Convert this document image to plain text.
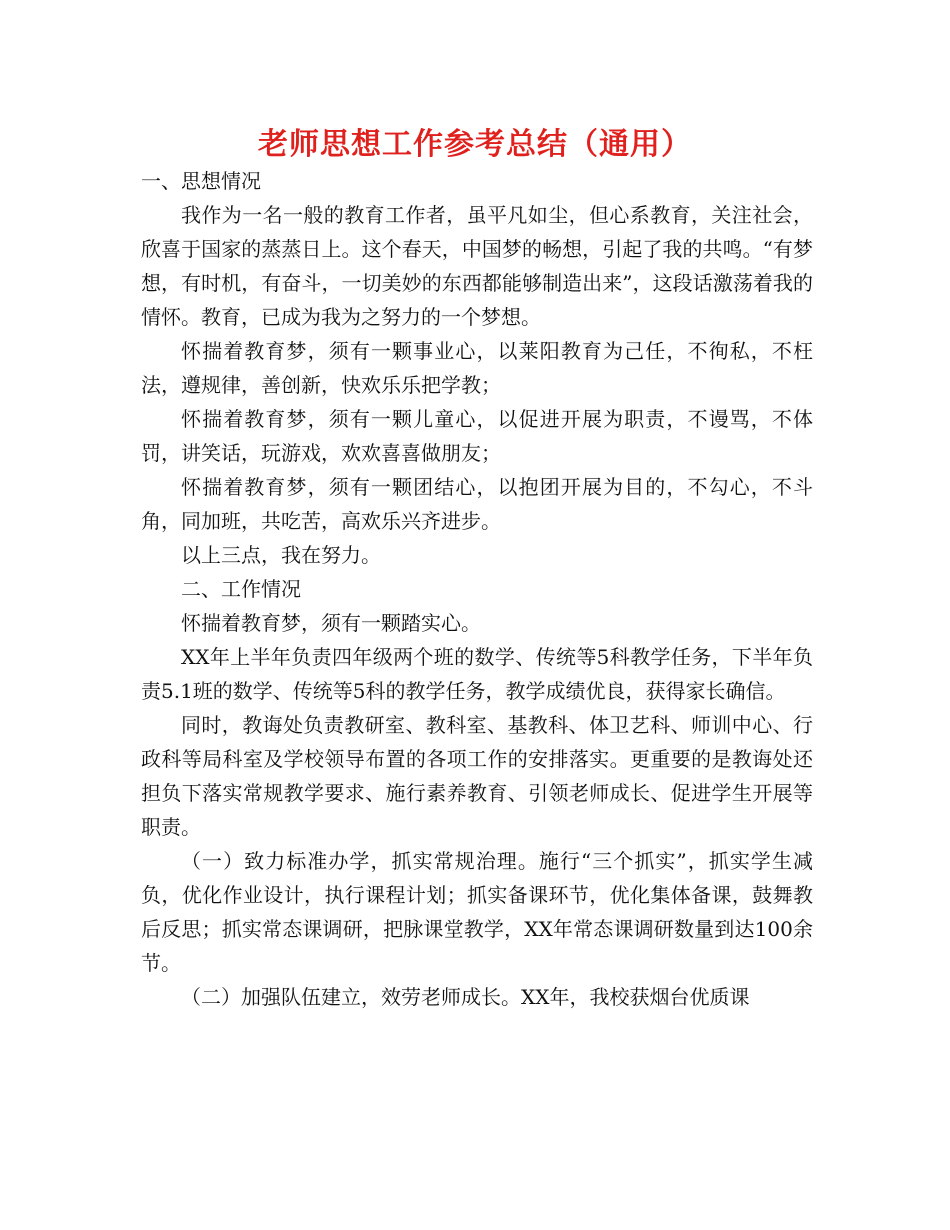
老师思想工作参考总结（通用）

一、思想情况

我作为一名一般的教育工作者，虽平凡如尘，但心系教育，关注社会，欣喜于国家的蒸蒸日上。这个春天，中国梦的畅想，引起了我的共鸣。“有梦想，有时机，有奋斗，一切美妙的东西都能够制造出来”，这段话激荡着我的情怀。教育，已成为我为之努力的一个梦想。

怀揣着教育梦，须有一颗事业心，以莱阳教育为己任，不徇私，不枉法，遵规律，善创新，快欢乐乐把学教；

怀揣着教育梦，须有一颗儿童心，以促进开展为职责，不谩骂，不体罚，讲笑话，玩游戏，欢欢喜喜做朋友；

怀揣着教育梦，须有一颗团结心，以抱团开展为目的，不勾心，不斗角，同加班，共吃苦，高欢乐兴齐进步。

以上三点，我在努力。

二、工作情况

怀揣着教育梦，须有一颗踏实心。

XX年上半年负责四年级两个班的数学、传统等5科教学任务，下半年负责5.1班的数学、传统等5科的教学任务，教学成绩优良，获得家长确信。

同时，教诲处负责教研室、教科室、基教科、体卫艺科、师训中心、行政科等局科室及学校领导布置的各项工作的安排落实。更重要的是教诲处还担负下落实常规教学要求、施行素养教育、引领老师成长、促进学生开展等职责。

（一）致力标准办学，抓实常规治理。施行“三个抓实”，抓实学生减负，优化作业设计，执行课程计划；抓实备课环节，优化集体备课，鼓舞教后反思；抓实常态课调研，把脉课堂教学，XX年常态课调研数量到达100余节。

（二）加强队伍建立，效劳老师成长。XX年，我校获烟台优质课
